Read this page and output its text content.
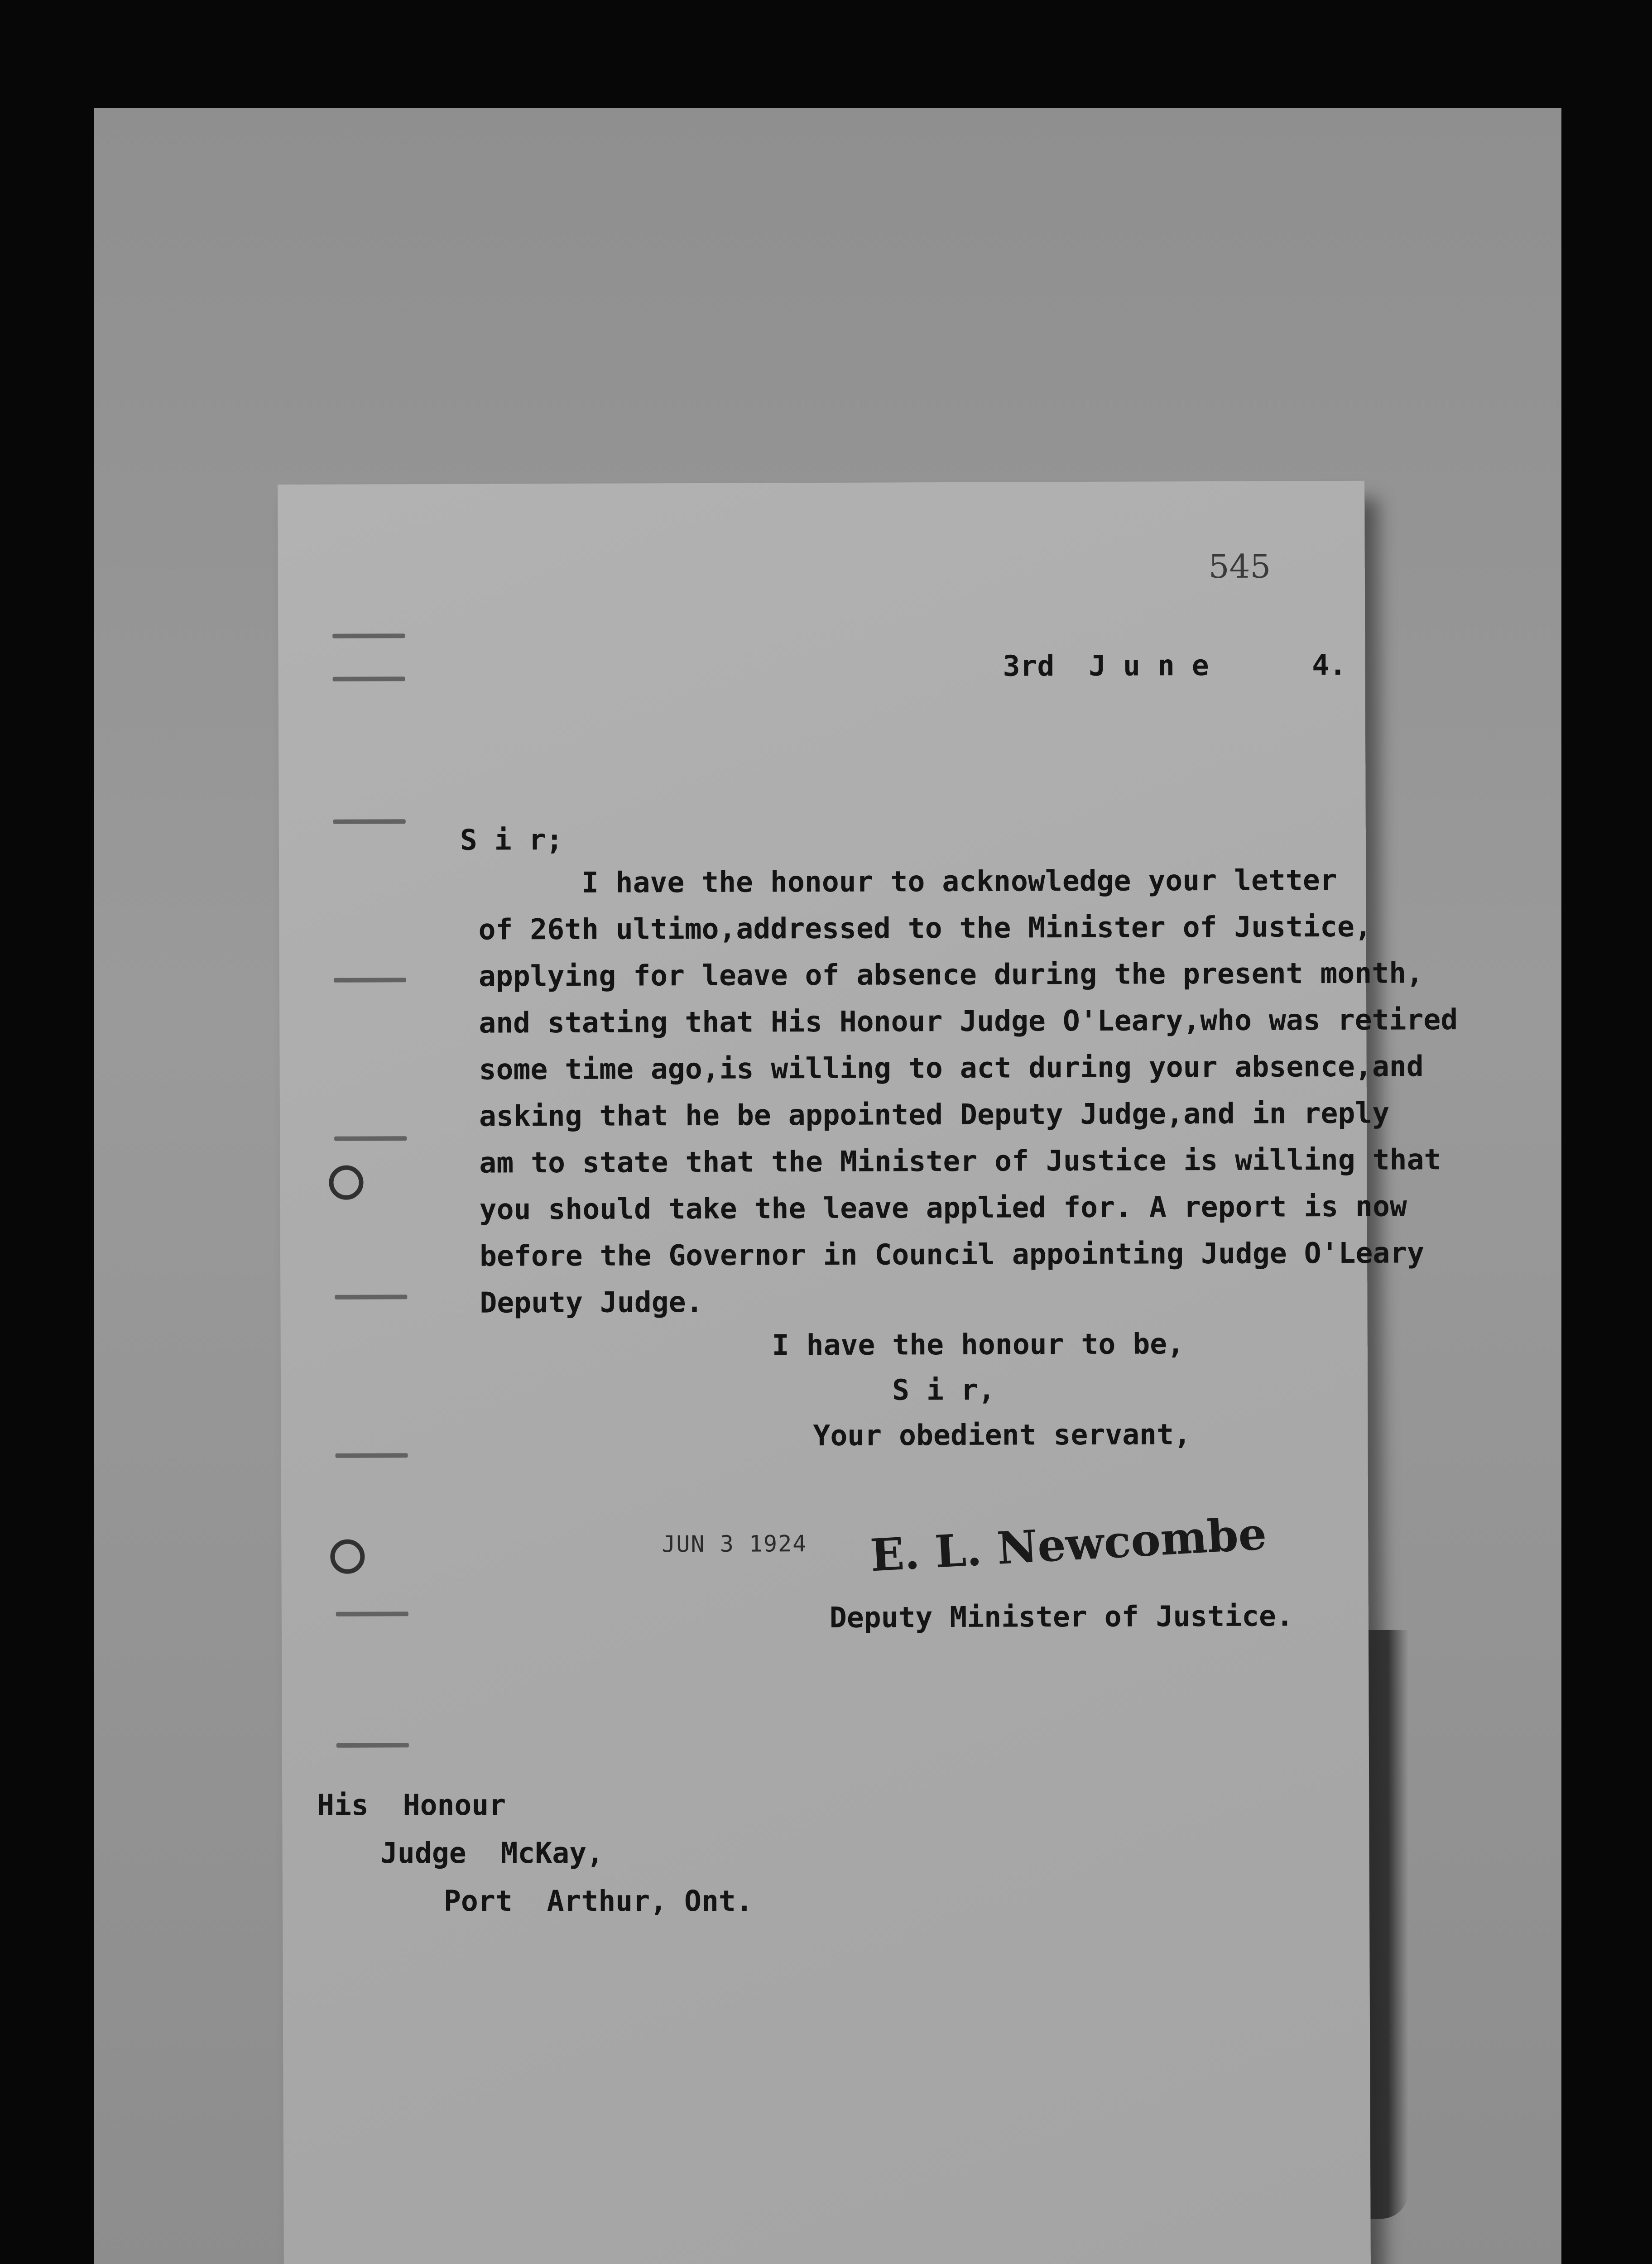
545
3rd  J u n e      4.
S i r;
I have the honour to acknowledge your letter
of 26th ultimo,addressed to the Minister of Justice,
applying for leave of absence during the present month,
and stating that His Honour Judge O'Leary,who was retired
some time ago,is willing to act during your absence,and
asking that he be appointed Deputy Judge,and in reply
am to state that the Minister of Justice is willing that
you should take the leave applied for. A report is now
before the Governor in Council appointing Judge O'Leary
Deputy Judge.
I have the honour to be,
S i r,
Your obedient servant,
JUN 3 1924 E. L. Newcombe
Deputy Minister of Justice.
His  Honour
Judge  McKay,
Port  Arthur, Ont.
